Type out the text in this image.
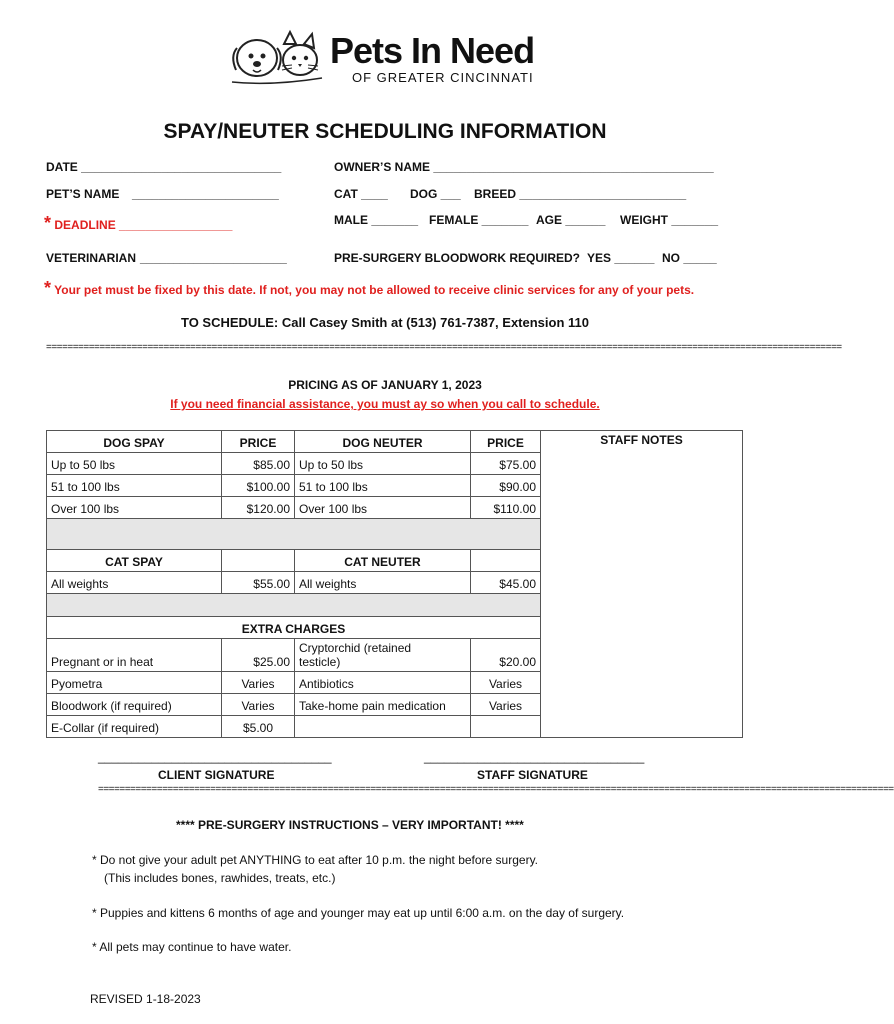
Pets In Need
OF GREATER CINCINNATI
SPAY/NEUTER SCHEDULING INFORMATION
DATE ______________________________	OWNER’S NAME __________________________________________
PET’S NAME ______________________	CAT ____ DOG ___ BREED _________________________
* DEADLINE _________________	MALE _______ FEMALE _______ AGE ______ WEIGHT _______
VETERINARIAN ______________________	PRE-SURGERY BLOODWORK REQUIRED? YES ______ NO _____
* Your pet must be fixed by this date. If not, you may not be allowed to receive clinic services for any of your pets.
TO SCHEDULE: Call Casey Smith at (513) 761-7387, Extension 110
=====================================================================================================================================================
PRICING AS OF JANUARY 1, 2023
If you need financial assistance, you must ay so when you call to schedule.
DOG SPAY	PRICE	DOG NEUTER	PRICE	STAFF NOTES
Up to 50 lbs	$85.00	Up to 50 lbs	$75.00	
51 to 100 lbs	$100.00	51 to 100 lbs	$90.00	
Over 100 lbs	$120.00	Over 100 lbs	$110.00	

CAT SPAY		CAT NEUTER		
All weights	$55.00	All weights	$45.00	

EXTRA CHARGES				
Pregnant or in heat	$25.00	Cryptorchid (retained
testicle)	$20.00	
Pyometra	Varies	Antibiotics	Varies	
Bloodwork (if required)	Varies	Take-home pain medication	Varies	
E-Collar (if required)	$5.00			
___________________________________	_________________________________
CLIENT SIGNATURE	STAFF SIGNATURE
=====================================================================================================================================================
**** PRE-SURGERY INSTRUCTIONS – VERY IMPORTANT! ****
* Do not give your adult pet ANYTHING to eat after 10 p.m. the night before surgery.
(This includes bones, rawhides, treats, etc.)
* Puppies and kittens 6 months of age and younger may eat up until 6:00 a.m. on the day of surgery.
* All pets may continue to have water.
REVISED 1-18-2023
